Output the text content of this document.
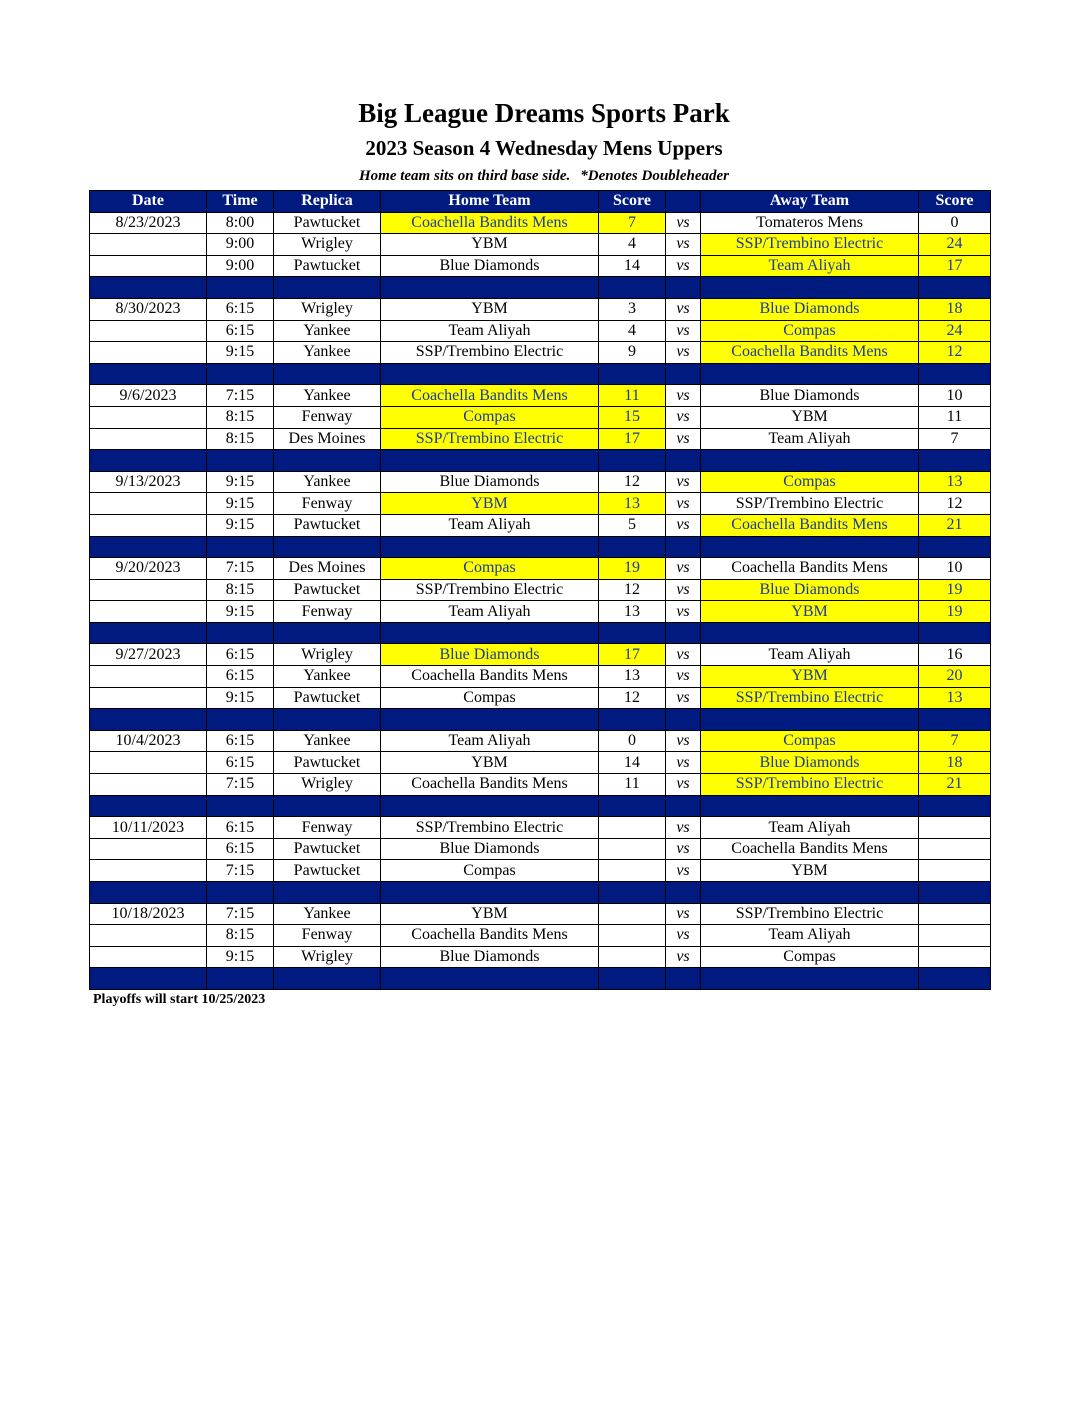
Big League Dreams Sports Park
2023 Season 4 Wednesday Mens Uppers
Home team sits on third base side. *Denotes Doubleheader
Date	Time	Replica	Home Team	Score		Away Team	Score
8/23/2023	8:00	Pawtucket	Coachella Bandits Mens	7	vs	Tomateros Mens	0
	9:00	Wrigley	YBM	4	vs	SSP/Trembino Electric	24
	9:00	Pawtucket	Blue Diamonds	14	vs	Team Aliyah	17

8/30/2023	6:15	Wrigley	YBM	3	vs	Blue Diamonds	18
	6:15	Yankee	Team Aliyah	4	vs	Compas	24
	9:15	Yankee	SSP/Trembino Electric	9	vs	Coachella Bandits Mens	12

9/6/2023	7:15	Yankee	Coachella Bandits Mens	11	vs	Blue Diamonds	10
	8:15	Fenway	Compas	15	vs	YBM	11
	8:15	Des Moines	SSP/Trembino Electric	17	vs	Team Aliyah	7

9/13/2023	9:15	Yankee	Blue Diamonds	12	vs	Compas	13
	9:15	Fenway	YBM	13	vs	SSP/Trembino Electric	12
	9:15	Pawtucket	Team Aliyah	5	vs	Coachella Bandits Mens	21

9/20/2023	7:15	Des Moines	Compas	19	vs	Coachella Bandits Mens	10
	8:15	Pawtucket	SSP/Trembino Electric	12	vs	Blue Diamonds	19
	9:15	Fenway	Team Aliyah	13	vs	YBM	19

9/27/2023	6:15	Wrigley	Blue Diamonds	17	vs	Team Aliyah	16
	6:15	Yankee	Coachella Bandits Mens	13	vs	YBM	20
	9:15	Pawtucket	Compas	12	vs	SSP/Trembino Electric	13

10/4/2023	6:15	Yankee	Team Aliyah	0	vs	Compas	7
	6:15	Pawtucket	YBM	14	vs	Blue Diamonds	18
	7:15	Wrigley	Coachella Bandits Mens	11	vs	SSP/Trembino Electric	21

10/11/2023	6:15	Fenway	SSP/Trembino Electric		vs	Team Aliyah	
	6:15	Pawtucket	Blue Diamonds		vs	Coachella Bandits Mens	
	7:15	Pawtucket	Compas		vs	YBM	

10/18/2023	7:15	Yankee	YBM		vs	SSP/Trembino Electric	
	8:15	Fenway	Coachella Bandits Mens		vs	Team Aliyah	
	9:15	Wrigley	Blue Diamonds		vs	Compas	

Playoffs will start 10/25/2023
